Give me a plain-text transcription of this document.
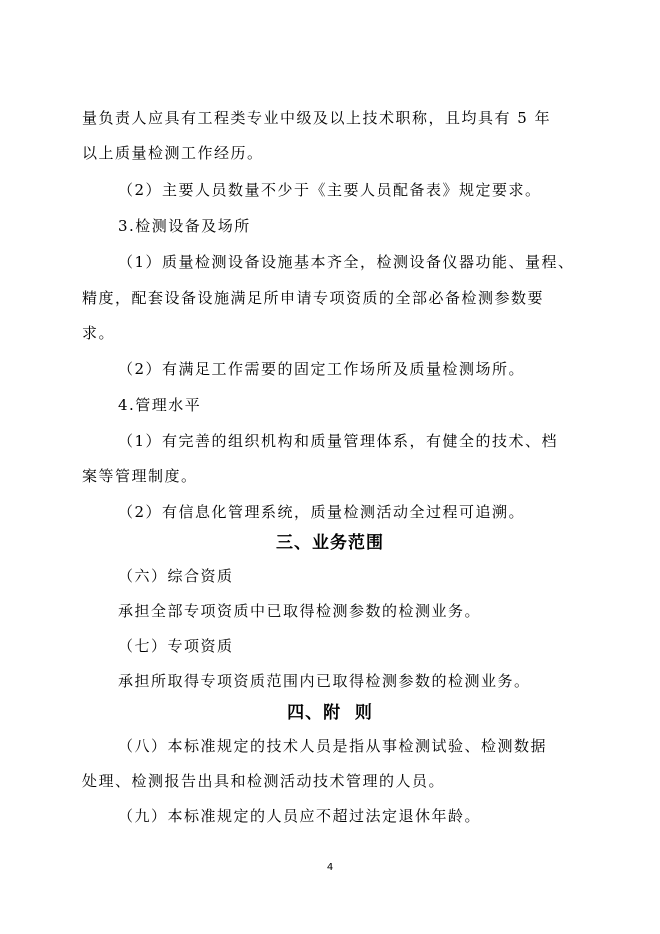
量负责人应具有工程类专业中级及以上技术职称，且均具有 5 年
以上质量检测工作经历。
（2）主要人员数量不少于《主要人员配备表》规定要求。
3.检测设备及场所
（1）质量检测设备设施基本齐全，检测设备仪器功能、量程、
精度，配套设备设施满足所申请专项资质的全部必备检测参数要
求。
（2）有满足工作需要的固定工作场所及质量检测场所。
4.管理水平
（1）有完善的组织机构和质量管理体系，有健全的技术、档
案等管理制度。
（2）有信息化管理系统，质量检测活动全过程可追溯。
三、业务范围
（六）综合资质
承担全部专项资质中已取得检测参数的检测业务。
（七）专项资质
承担所取得专项资质范围内已取得检测参数的检测业务。
四、附  则
（八）本标准规定的技术人员是指从事检测试验、检测数据
处理、检测报告出具和检测活动技术管理的人员。
（九）本标准规定的人员应不超过法定退休年龄。
4
